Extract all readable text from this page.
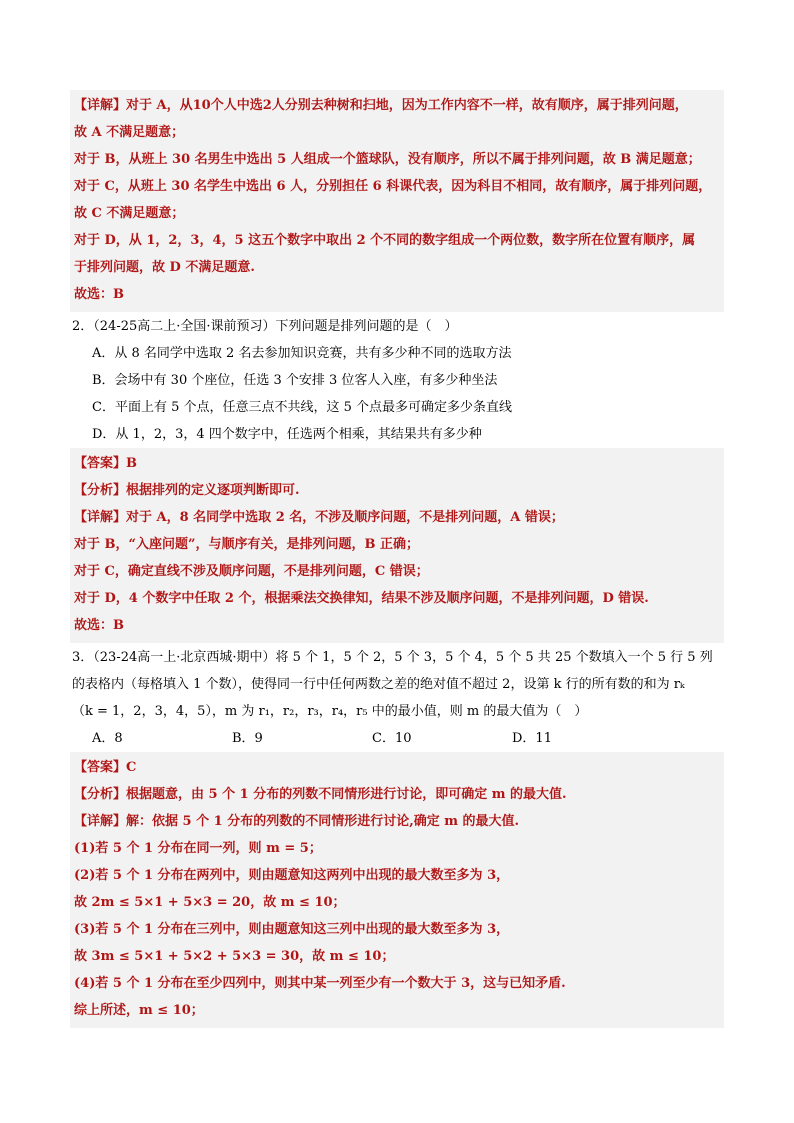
【详解】对于 A，从10个人中选2人分别去种树和扫地，因为工作内容不一样，故有顺序，属于排列问题，
故 A 不满足题意；
对于 B，从班上 30 名男生中选出 5 人组成一个篮球队，没有顺序，所以不属于排列问题，故 B 满足题意；
对于 C，从班上 30 名学生中选出 6 人，分别担任 6 科课代表，因为科目不相同，故有顺序，属于排列问题，
故 C 不满足题意；
对于 D，从 1，2，3，4，5 这五个数字中取出 2 个不同的数字组成一个两位数，数字所在位置有顺序，属
于排列问题，故 D 不满足题意.
故选：B
2．（24-25高二上·全国·课前预习）下列问题是排列问题的是（　）
A．从 8 名同学中选取 2 名去参加知识竞赛，共有多少种不同的选取方法
B．会场中有 30 个座位，任选 3 个安排 3 位客人入座，有多少种坐法
C．平面上有 5 个点，任意三点不共线，这 5 个点最多可确定多少条直线
D．从 1，2，3，4 四个数字中，任选两个相乘，其结果共有多少种
【答案】B
【分析】根据排列的定义逐项判断即可.
【详解】对于 A，8 名同学中选取 2 名，不涉及顺序问题，不是排列问题，A 错误；
对于 B，“入座问题”，与顺序有关，是排列问题，B 正确；
对于 C，确定直线不涉及顺序问题，不是排列问题，C 错误；
对于 D，4 个数字中任取 2 个，根据乘法交换律知，结果不涉及顺序问题，不是排列问题，D 错误.
故选：B
3．（23-24高一上·北京西城·期中）将 5 个 1，5 个 2，5 个 3，5 个 4，5 个 5 共 25 个数填入一个 5 行 5 列
的表格内（每格填入 1 个数），使得同一行中任何两数之差的绝对值不超过 2，设第 k 行的所有数的和为 rₖ
（k = 1，2，3，4，5），m 为 r₁，r₂，r₃，r₄，r₅ 中的最小值，则 m 的最大值为（　）
A．8	B．9	C．10	D．11
【答案】C
【分析】根据题意，由 5 个 1 分布的列数不同情形进行讨论，即可确定 m 的最大值.
【详解】解：依据 5 个 1 分布的列数的不同情形进行讨论,确定 m 的最大值.
(1)若 5 个 1 分布在同一列，则 m = 5；
(2)若 5 个 1 分布在两列中，则由题意知这两列中出现的最大数至多为 3，
故 2m ≤ 5×1 + 5×3 = 20，故 m ≤ 10；
(3)若 5 个 1 分布在三列中，则由题意知这三列中出现的最大数至多为 3，
故 3m ≤ 5×1 + 5×2 + 5×3 = 30，故 m ≤ 10；
(4)若 5 个 1 分布在至少四列中，则其中某一列至少有一个数大于 3，这与已知矛盾.
综上所述，m ≤ 10；
